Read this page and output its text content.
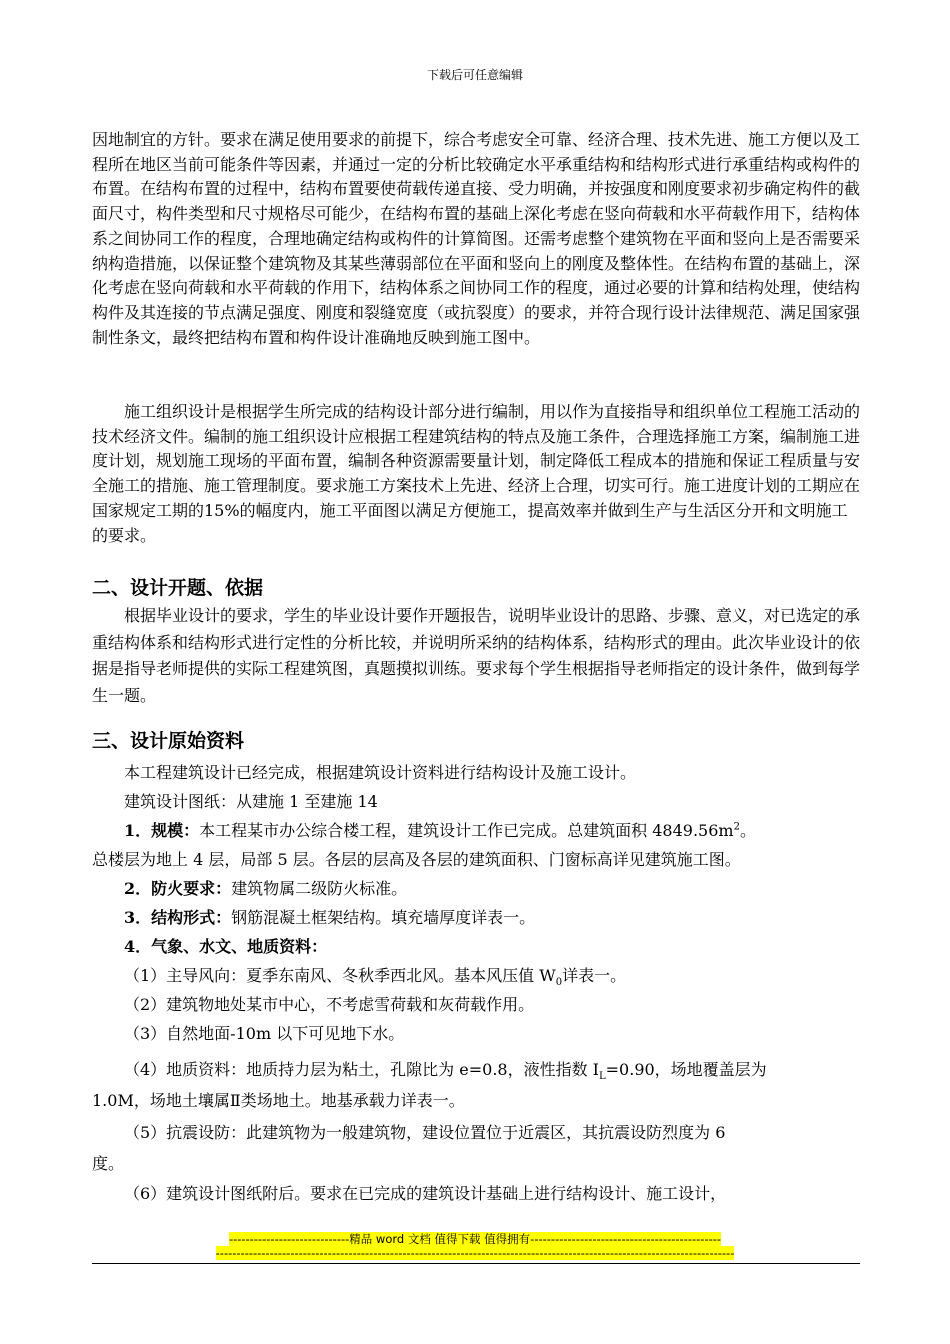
下载后可任意编辑
因地制宜的方针。要求在满足使用要求的前提下，综合考虑安全可靠、经济合理、技术先进、施工方便以及工程所在地区当前可能条件等因素，并通过一定的分析比较确定水平承重结构和结构形式进行承重结构或构件的布置。在结构布置的过程中，结构布置要使荷载传递直接、受力明确，并按强度和刚度要求初步确定构件的截面尺寸，构件类型和尺寸规格尽可能少，在结构布置的基础上深化考虑在竖向荷载和水平荷载作用下，结构体系之间协同工作的程度，合理地确定结构或构件的计算简图。还需考虑整个建筑物在平面和竖向上是否需要采纳构造措施，以保证整个建筑物及其某些薄弱部位在平面和竖向上的刚度及整体性。在结构布置的基础上，深化考虑在竖向荷载和水平荷载的作用下，结构体系之间协同工作的程度，通过必要的计算和结构处理，使结构构件及其连接的节点满足强度、刚度和裂缝宽度（或抗裂度）的要求，并符合现行设计法律规范、满足国家强制性条文，最终把结构布置和构件设计准确地反映到施工图中。
施工组织设计是根据学生所完成的结构设计部分进行编制，用以作为直接指导和组织单位工程施工活动的技术经济文件。编制的施工组织设计应根据工程建筑结构的特点及施工条件，合理选择施工方案，编制施工进度计划，规划施工现场的平面布置，编制各种资源需要量计划，制定降低工程成本的措施和保证工程质量与安全施工的措施、施工管理制度。要求施工方案技术上先进、经济上合理，切实可行。施工进度计划的工期应在国家规定工期的15%的幅度内，施工平面图以满足方便施工，提高效率并做到生产与生活区分开和文明施工的要求。
二、设计开题、依据
根据毕业设计的要求，学生的毕业设计要作开题报告，说明毕业设计的思路、步骤、意义，对已选定的承重结构体系和结构形式进行定性的分析比较，并说明所采纳的结构体系，结构形式的理由。此次毕业设计的依据是指导老师提供的实际工程建筑图，真题摸拟训练。要求每个学生根据指导老师指定的设计条件，做到每学生一题。
三、设计原始资料
本工程建筑设计已经完成，根据建筑设计资料进行结构设计及施工设计。
建筑设计图纸：从建施 1 至建施 14
1．规模：本工程某市办公综合楼工程，建筑设计工作已完成。总建筑面积 $4849.56m^2$。
总楼层为地上 4 层，局部 5 层。各层的层高及各层的建筑面积、门窗标高详见建筑施工图。
2．防火要求：建筑物属二级防火标准。
3．结构形式：钢筋混凝土框架结构。填充墙厚度详表一。
4．气象、水文、地质资料：
（1）主导风向：夏季东南风、冬秋季西北风。基本风压值 $W_0$详表一。
（2）建筑物地处某市中心，不考虑雪荷载和灰荷载作用。
（3）自然地面-10m 以下可见地下水。
（4）地质资料：地质持力层为粘土，孔隙比为 e=0.8，液性指数 $I_L=0.90$，场地覆盖层为
1.0M，场地土壤属Ⅱ类场地土。地基承载力详表一。
（5）抗震设防：此建筑物为一般建筑物，建设位置位于近震区，其抗震设防烈度为 6
度。
（6）建筑设计图纸附后。要求在已完成的建筑设计基础上进行结构设计、施工设计，
-----------------------------精品 word 文档 值得下载 值得拥有----------------------------------------------
-----------------------------------------------------------------------------------------------------------------------------
